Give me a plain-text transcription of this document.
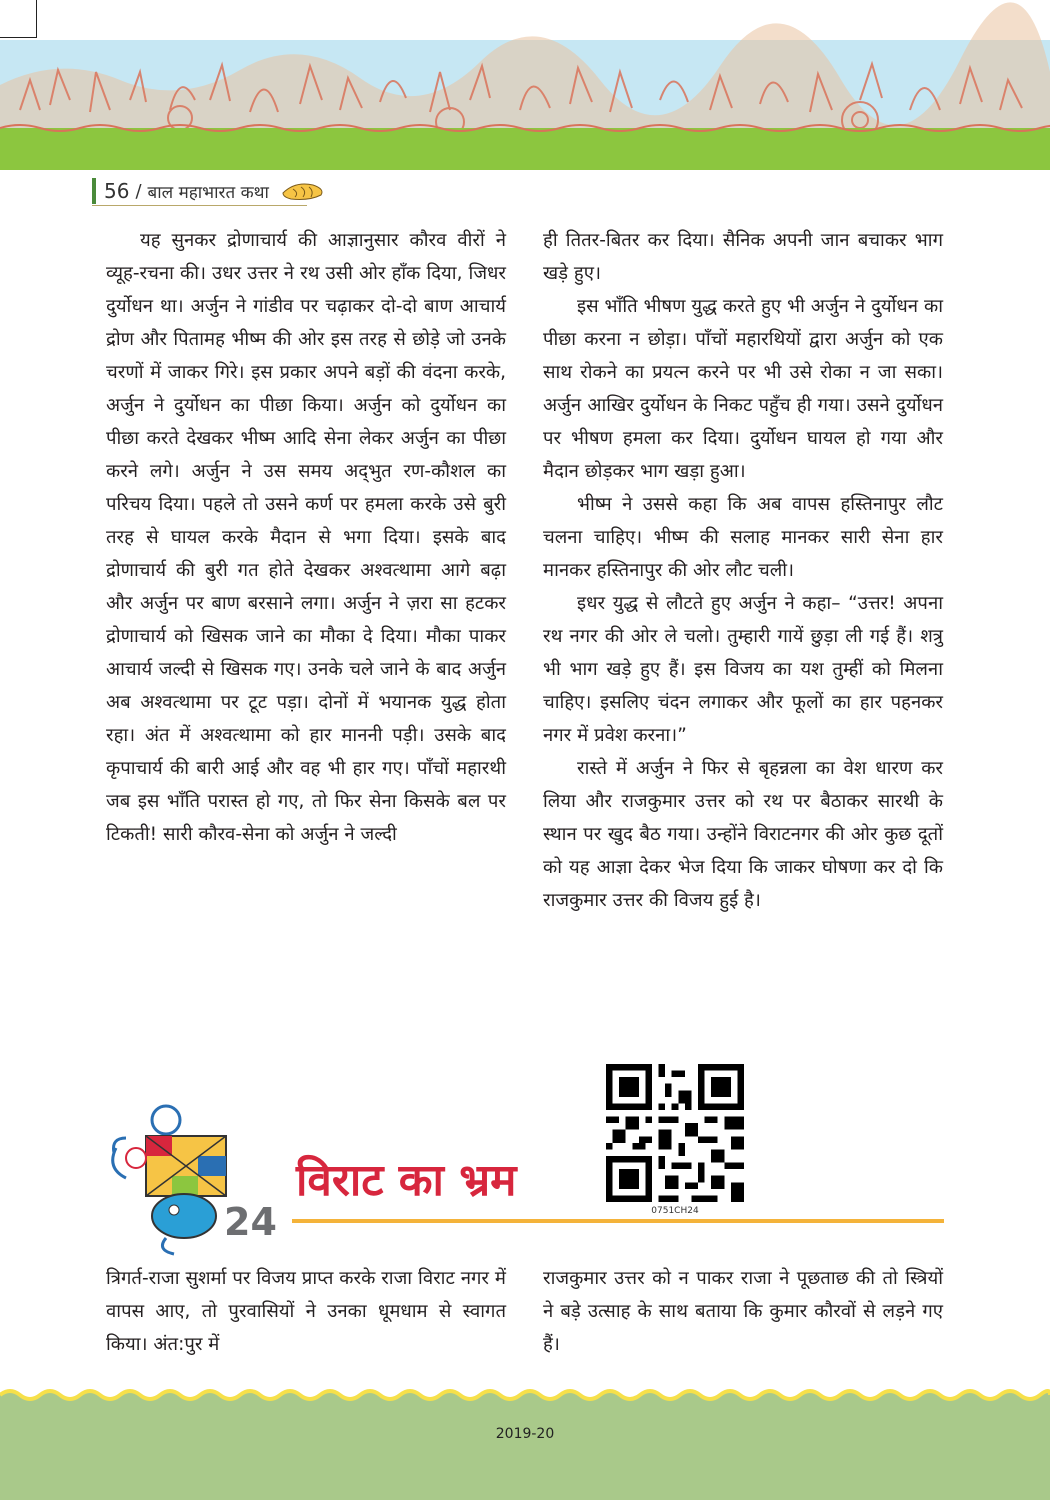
56 / बाल महाभारत कथा

यह सुनकर द्रोणाचार्य की आज्ञानुसार कौरव वीरों ने व्यूह-रचना की। उधर उत्तर ने रथ उसी ओर हाँक दिया, जिधर दुर्योधन था। अर्जुन ने गांडीव पर चढ़ाकर दो-दो बाण आचार्य द्रोण और पितामह भीष्म की ओर इस तरह से छोड़े जो उनके चरणों में जाकर गिरे। इस प्रकार अपने बड़ों की वंदना करके, अर्जुन ने दुर्योधन का पीछा किया। अर्जुन को दुर्योधन का पीछा करते देखकर भीष्म आदि सेना लेकर अर्जुन का पीछा करने लगे। अर्जुन ने उस समय अद्‌भुत रण-कौशल का परिचय दिया। पहले तो उसने कर्ण पर हमला करके उसे बुरी तरह से घायल करके मैदान से भगा दिया। इसके बाद द्रोणाचार्य की बुरी गत होते देखकर अश्वत्थामा आगे बढ़ा और अर्जुन पर बाण बरसाने लगा। अर्जुन ने ज़रा सा हटकर द्रोणाचार्य को खिसक जाने का मौका दे दिया। मौका पाकर आचार्य जल्दी से खिसक गए। उनके चले जाने के बाद अर्जुन अब अश्वत्थामा पर टूट पड़ा। दोनों में भयानक युद्ध होता रहा। अंत में अश्वत्थामा को हार माननी पड़ी। उसके बाद कृपाचार्य की बारी आई और वह भी हार गए। पाँचों महारथी जब इस भाँति परास्त हो गए, तो फिर सेना किसके बल पर टिकती! सारी कौरव-सेना को अर्जुन ने जल्दी

ही तितर-बितर कर दिया। सैनिक अपनी जान बचाकर भाग खड़े हुए।

इस भाँति भीषण युद्ध करते हुए भी अर्जुन ने दुर्योधन का पीछा करना न छोड़ा। पाँचों महारथियों द्वारा अर्जुन को एक साथ रोकने का प्रयत्न करने पर भी उसे रोका न जा सका। अर्जुन आखिर दुर्योधन के निकट पहुँच ही गया। उसने दुर्योधन पर भीषण हमला कर दिया। दुर्योधन घायल हो गया और मैदान छोड़कर भाग खड़ा हुआ।

भीष्म ने उससे कहा कि अब वापस हस्तिनापुर लौट चलना चाहिए। भीष्म की सलाह मानकर सारी सेना हार मानकर हस्तिनापुर की ओर लौट चली।

इधर युद्ध से लौटते हुए अर्जुन ने कहा– “उत्तर! अपना रथ नगर की ओर ले चलो। तुम्हारी गायें छुड़ा ली गई हैं। शत्रु भी भाग खड़े हुए हैं। इस विजय का यश तुम्हीं को मिलना चाहिए। इसलिए चंदन लगाकर और फूलों का हार पहनकर नगर में प्रवेश करना।”

रास्ते में अर्जुन ने फिर से बृहन्नला का वेश धारण कर लिया और राजकुमार उत्तर को रथ पर बैठाकर सारथी के स्थान पर खुद बैठ गया। उन्होंने विराटनगर की ओर कुछ दूतों को यह आज्ञा देकर भेज दिया कि जाकर घोषणा कर दो कि राजकुमार उत्तर की विजय हुई है।

24
विराट का भ्रम
0751CH24

त्रिगर्त-राजा सुशर्मा पर विजय प्राप्त करके राजा विराट नगर में वापस आए, तो पुरवासियों ने उनका धूमधाम से स्वागत किया। अंत:पुर में

राजकुमार उत्तर को न पाकर राजा ने पूछताछ की तो स्त्रियों ने बड़े उत्साह के साथ बताया कि कुमार कौरवों से लड़ने गए हैं।

2019-20
